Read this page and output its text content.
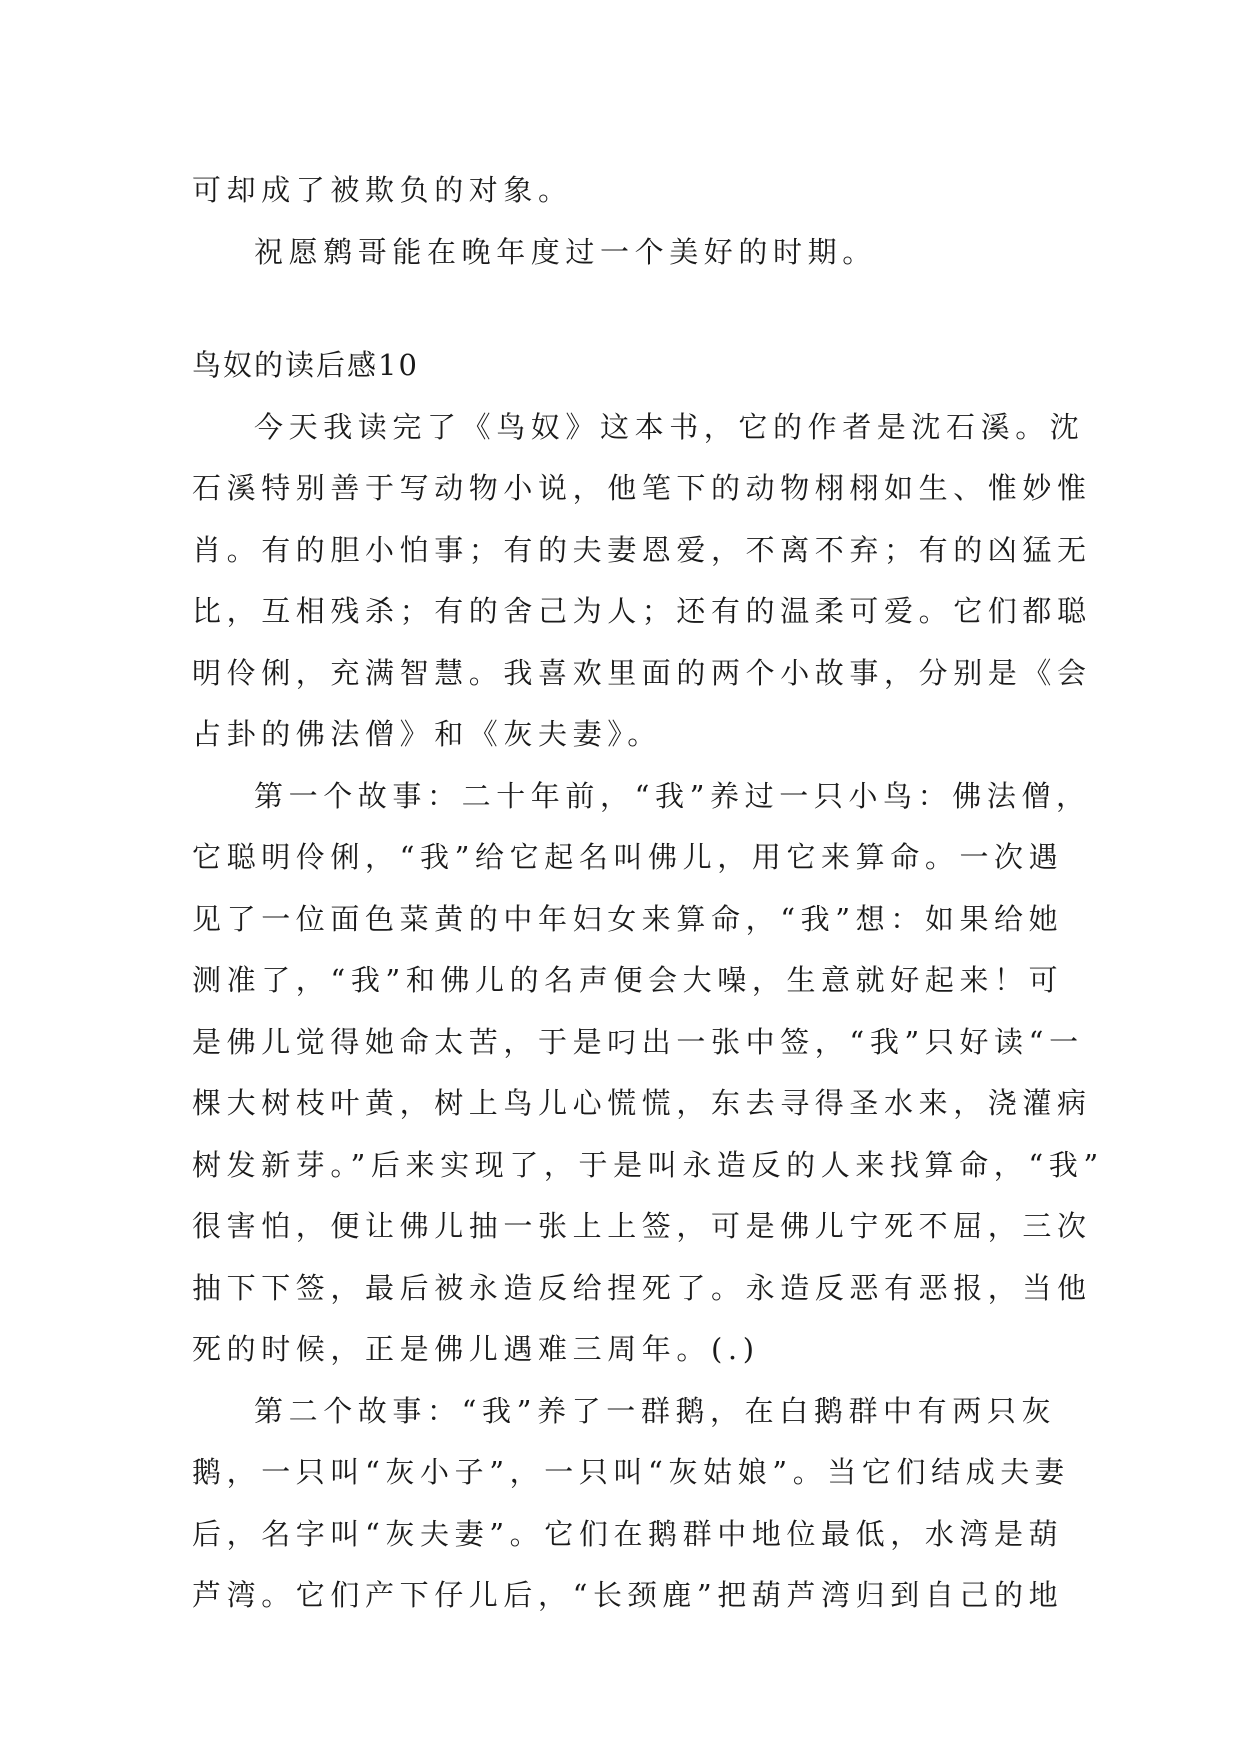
可却成了被欺负的对象。

祝愿鹩哥能在晚年度过一个美好的时期。

鸟奴的读后感10

今天我读完了《鸟奴》这本书，它的作者是沈石溪。沈
石溪特别善于写动物小说，他笔下的动物栩栩如生、惟妙惟
肖。有的胆小怕事；有的夫妻恩爱，不离不弃；有的凶猛无
比，互相残杀；有的舍己为人；还有的温柔可爱。它们都聪
明伶俐，充满智慧。我喜欢里面的两个小故事，分别是《会
占卦的佛法僧》和《灰夫妻》。

第一个故事：二十年前，“我”养过一只小鸟：佛法僧，
它聪明伶俐，“我”给它起名叫佛儿，用它来算命。一次遇
见了一位面色菜黄的中年妇女来算命，“我”想：如果给她
测准了，“我”和佛儿的名声便会大噪，生意就好起来！可
是佛儿觉得她命太苦，于是叼出一张中签，“我”只好读“一
棵大树枝叶黄，树上鸟儿心慌慌，东去寻得圣水来，浇灌病
树发新芽。”后来实现了，于是叫永造反的人来找算命，“我”
很害怕，便让佛儿抽一张上上签，可是佛儿宁死不屈，三次
抽下下签，最后被永造反给捏死了。永造反恶有恶报，当他
死的时候，正是佛儿遇难三周年。(.)

第二个故事：“我”养了一群鹅，在白鹅群中有两只灰
鹅，一只叫“灰小子”，一只叫“灰姑娘”。当它们结成夫妻
后，名字叫“灰夫妻”。它们在鹅群中地位最低，水湾是葫
芦湾。它们产下仔儿后，“长颈鹿”把葫芦湾归到自己的地
